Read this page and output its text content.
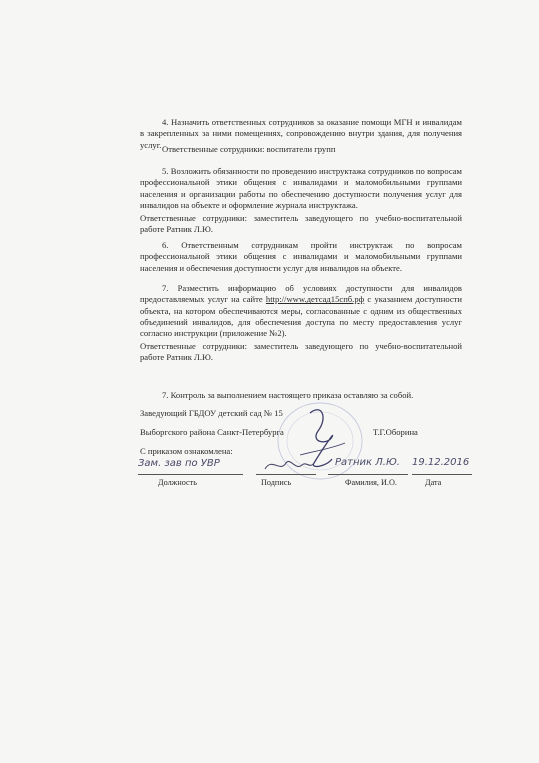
4. Назначить ответственных сотрудников за оказание помощи МГН и инвалидам в закрепленных за ними помещениях, сопровождению внутри здания, для получения услуг. Ответственные сотрудники: воспитатели групп

5. Возложить обязанности по проведению инструктажа сотрудников по вопросам профессиональной этики общения с инвалидами и маломобильными группами населения и организации работы по обеспечению доступности получения услуг для инвалидов на объекте и оформление журнала инструктажа.

Ответственные сотрудники: заместитель заведующего по учебно-воспитательной работе Ратник Л.Ю.

6. Ответственным сотрудникам пройти инструктаж по вопросам профессиональной этики общения с инвалидами и маломобильными группами населения и обеспечения доступности услуг для инвалидов на объекте.

7. Разместить информацию об условиях доступности для инвалидов предоставляемых услуг на сайте http://www.детсад15спб.рф с указанием доступности объекта, на котором обеспечиваются меры, согласованные с одним из общественных объединений инвалидов, для обеспечения доступа по месту предоставления услуг согласно инструкции (приложение №2).

Ответственные сотрудники: заместитель заведующего по учебно-воспитательной работе Ратник Л.Ю.

7. Контроль за выполнением настоящего приказа оставляю за собой.

Заведующий ГБДОУ детский сад № 15
Выборгского района Санкт-Петербурга	Т.Г.Оборина
С приказом ознакомлена:
Зам. зав по УВР	Ратник Л.Ю. 19.12.2016
Должность	Подпись	Фамилия, И.О.	Дата
